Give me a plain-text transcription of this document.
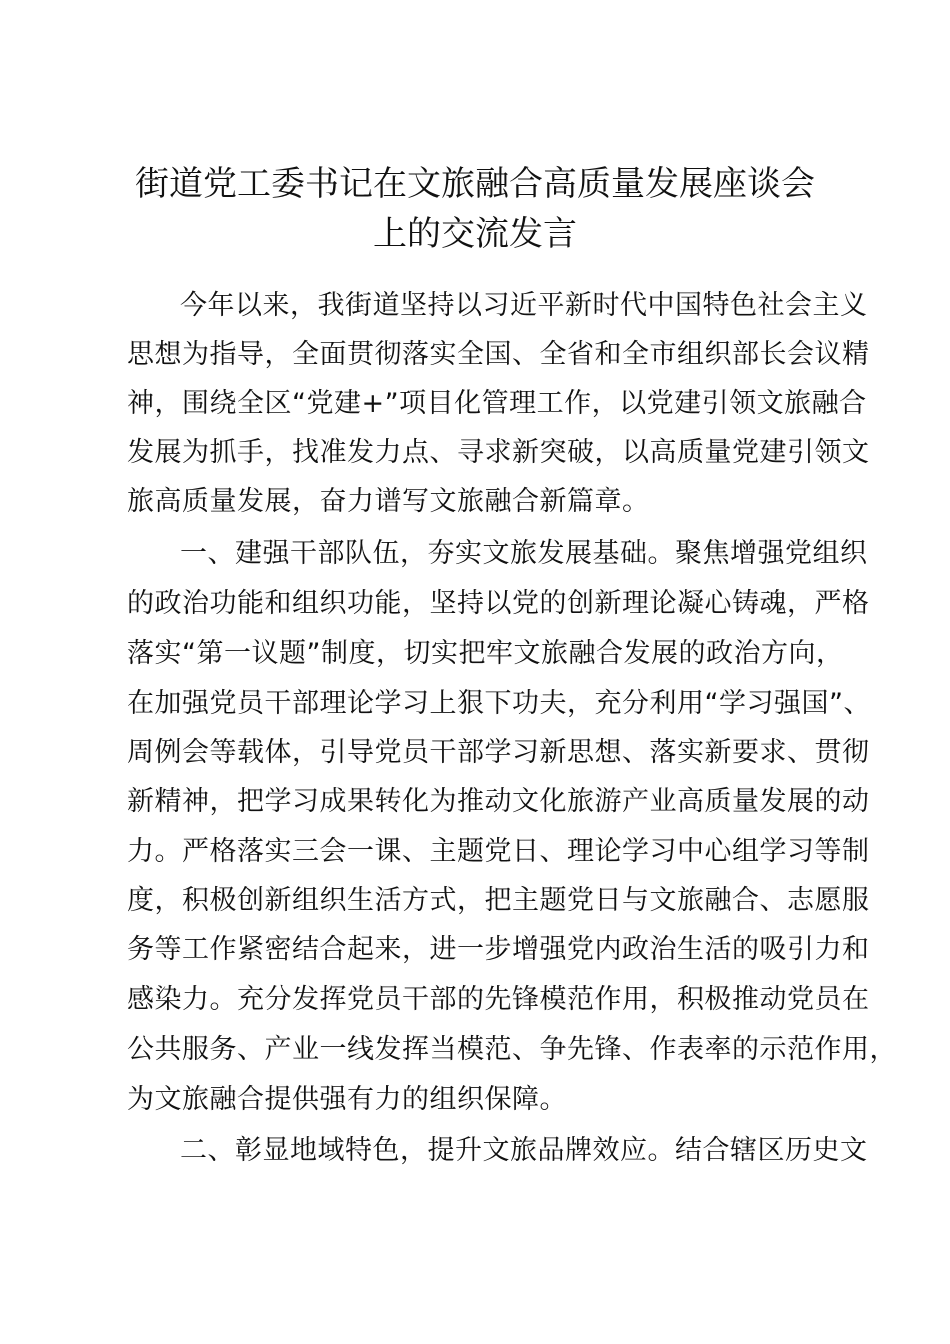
街道党工委书记在文旅融合高质量发展座谈会
上的交流发言

今年以来，我街道坚持以习近平新时代中国特色社会主义

思想为指导，全面贯彻落实全国、全省和全市组织部长会议精

神，围绕全区“党建+”项目化管理工作，以党建引领文旅融合

发展为抓手，找准发力点、寻求新突破，以高质量党建引领文

旅高质量发展，奋力谱写文旅融合新篇章。

一、建强干部队伍，夯实文旅发展基础。聚焦增强党组织

的政治功能和组织功能，坚持以党的创新理论凝心铸魂，严格

落实“第一议题”制度，切实把牢文旅融合发展的政治方向，

在加强党员干部理论学习上狠下功夫，充分利用“学习强国”、

周例会等载体，引导党员干部学习新思想、落实新要求、贯彻

新精神，把学习成果转化为推动文化旅游产业高质量发展的动

力。严格落实三会一课、主题党日、理论学习中心组学习等制

度，积极创新组织生活方式，把主题党日与文旅融合、志愿服

务等工作紧密结合起来，进一步增强党内政治生活的吸引力和

感染力。充分发挥党员干部的先锋模范作用，积极推动党员在

公共服务、产业一线发挥当模范、争先锋、作表率的示范作用，

为文旅融合提供强有力的组织保障。

二、彰显地域特色，提升文旅品牌效应。结合辖区历史文
